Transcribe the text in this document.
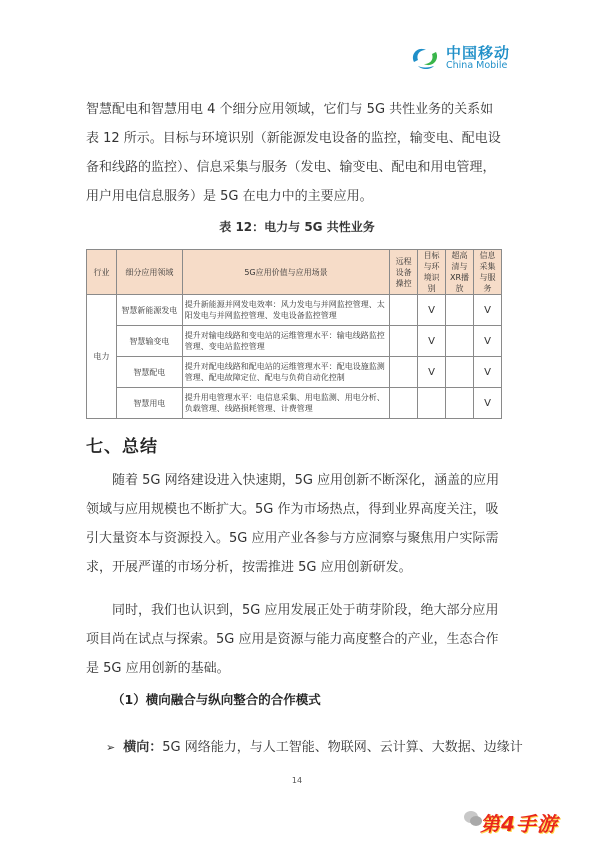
中国移动
China Mobile

智慧配电和智慧用电 4 个细分应用领域，它们与 5G 共性业务的关系如表 12 所示。目标与环境识别（新能源发电设备的监控，输变电、配电设备和线路的监控）、信息采集与服务（发电、输变电、配电和用电管理，用户用电信息服务）是 5G 在电力中的主要应用。

表 12：电力与 5G 共性业务
行业	细分应用领域	5G应用价值与应用场景	远程设备操控	目标与环境识别	超高清与XR播放	信息采集与服务
电力	智慧新能源发电	提升新能源并网发电效率：风力发电与并网监控管理、太阳发电与并网监控管理、发电设备监控管理		V		V
	智慧输变电	提升对输电线路和变电站的运维管理水平：输电线路监控管理、变电站监控管理		V		V
	智慧配电	提升对配电线路和配电站的运维管理水平：配电设施监测管理、配电故障定位、配电与负荷自动化控制		V		V
	智慧用电	提升用电管理水平：电信息采集、用电监测、用电分析、负载管理、线路损耗管理、计费管理				V
七、总结

随着 5G 网络建设进入快速期，5G 应用创新不断深化，涵盖的应用领域与应用规模也不断扩大。5G 作为市场热点，得到业界高度关注，吸引大量资本与资源投入。5G 应用产业各参与方应洞察与聚焦用户实际需求，开展严谨的市场分析，按需推进 5G 应用创新研发。

同时，我们也认识到，5G 应用发展正处于萌芽阶段，绝大部分应用项目尚在试点与探索。5G 应用是资源与能力高度整合的产业，生态合作是 5G 应用创新的基础。

（1）横向融合与纵向整合的合作模式
➢ 横向：5G 网络能力，与人工智能、物联网、云计算、大数据、边缘计
14
第4手游
